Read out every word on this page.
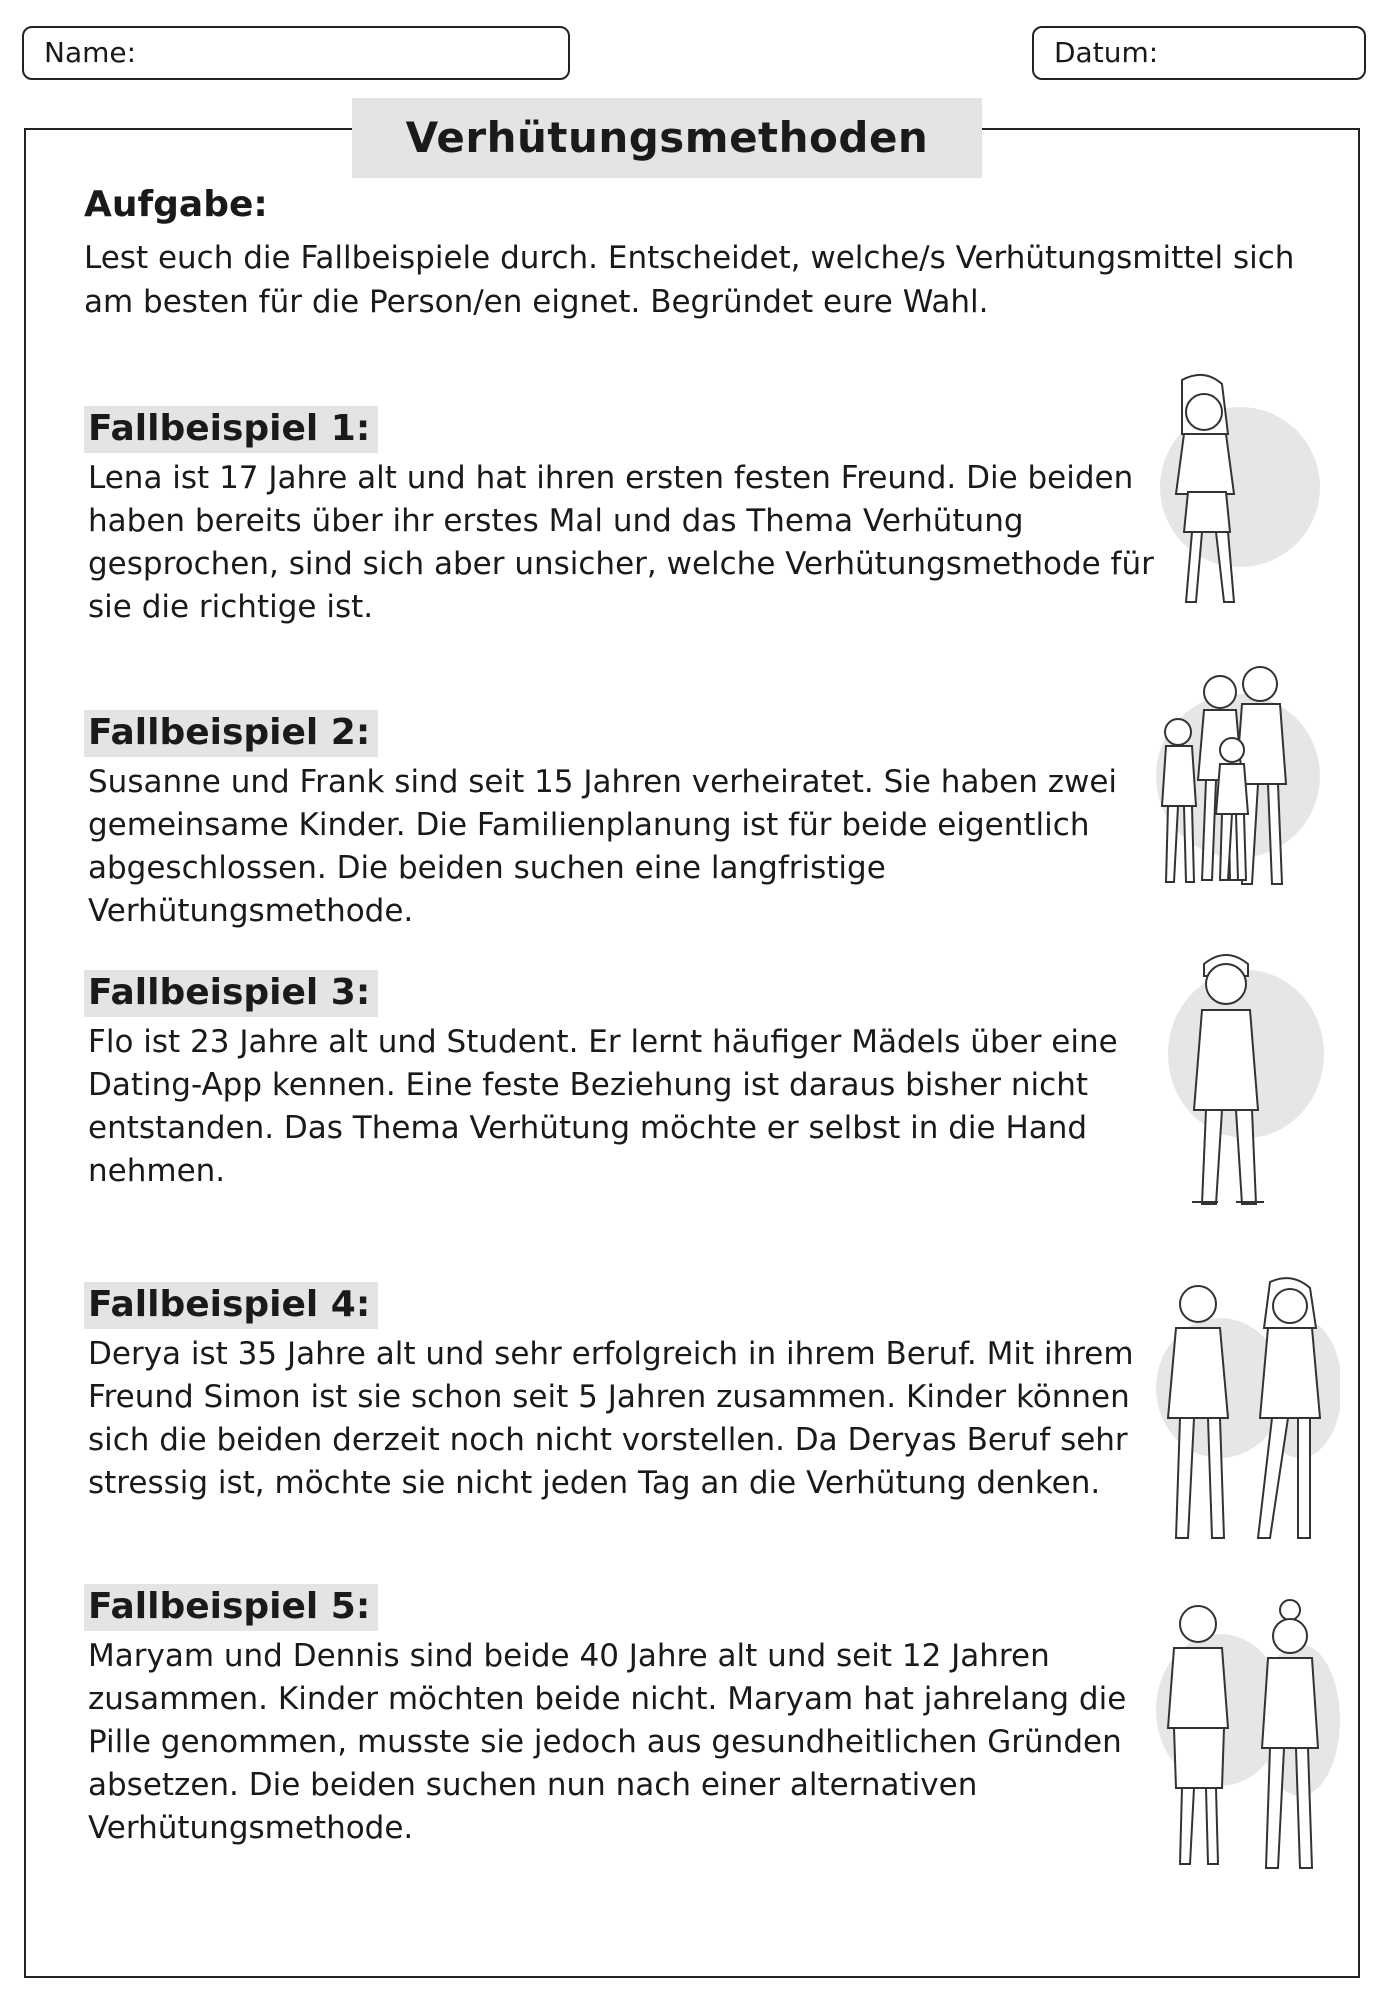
Name:	Datum:
Verhütungsmethoden
Aufgabe:
Lest euch die Fallbeispiele durch. Entscheidet, welche/s Verhütungsmittel sich am besten für die Person/en eignet. Begründet eure Wahl.
Fallbeispiel 1:
Lena ist 17 Jahre alt und hat ihren ersten festen Freund. Die beiden haben bereits über ihr erstes Mal und das Thema Verhütung gesprochen, sind sich aber unsicher, welche Verhütungsmethode für sie die richtige ist.
Fallbeispiel 2:
Susanne und Frank sind seit 15 Jahren verheiratet. Sie haben zwei gemeinsame Kinder. Die Familienplanung ist für beide eigentlich abgeschlossen. Die beiden suchen eine langfristige Verhütungsmethode.
Fallbeispiel 3:
Flo ist 23 Jahre alt und Student. Er lernt häufiger Mädels über eine Dating-App kennen. Eine feste Beziehung ist daraus bisher nicht entstanden. Das Thema Verhütung möchte er selbst in die Hand nehmen.
Fallbeispiel 4:
Derya ist 35 Jahre alt und sehr erfolgreich in ihrem Beruf. Mit ihrem Freund Simon ist sie schon seit 5 Jahren zusammen. Kinder können sich die beiden derzeit noch nicht vorstellen. Da Deryas Beruf sehr stressig ist, möchte sie nicht jeden Tag an die Verhütung denken.
Fallbeispiel 5:
Maryam und Dennis sind beide 40 Jahre alt und seit 12 Jahren zusammen. Kinder möchten beide nicht. Maryam hat jahrelang die Pille genommen, musste sie jedoch aus gesundheitlichen Gründen absetzen. Die beiden suchen nun nach einer alternativen Verhütungsmethode.
